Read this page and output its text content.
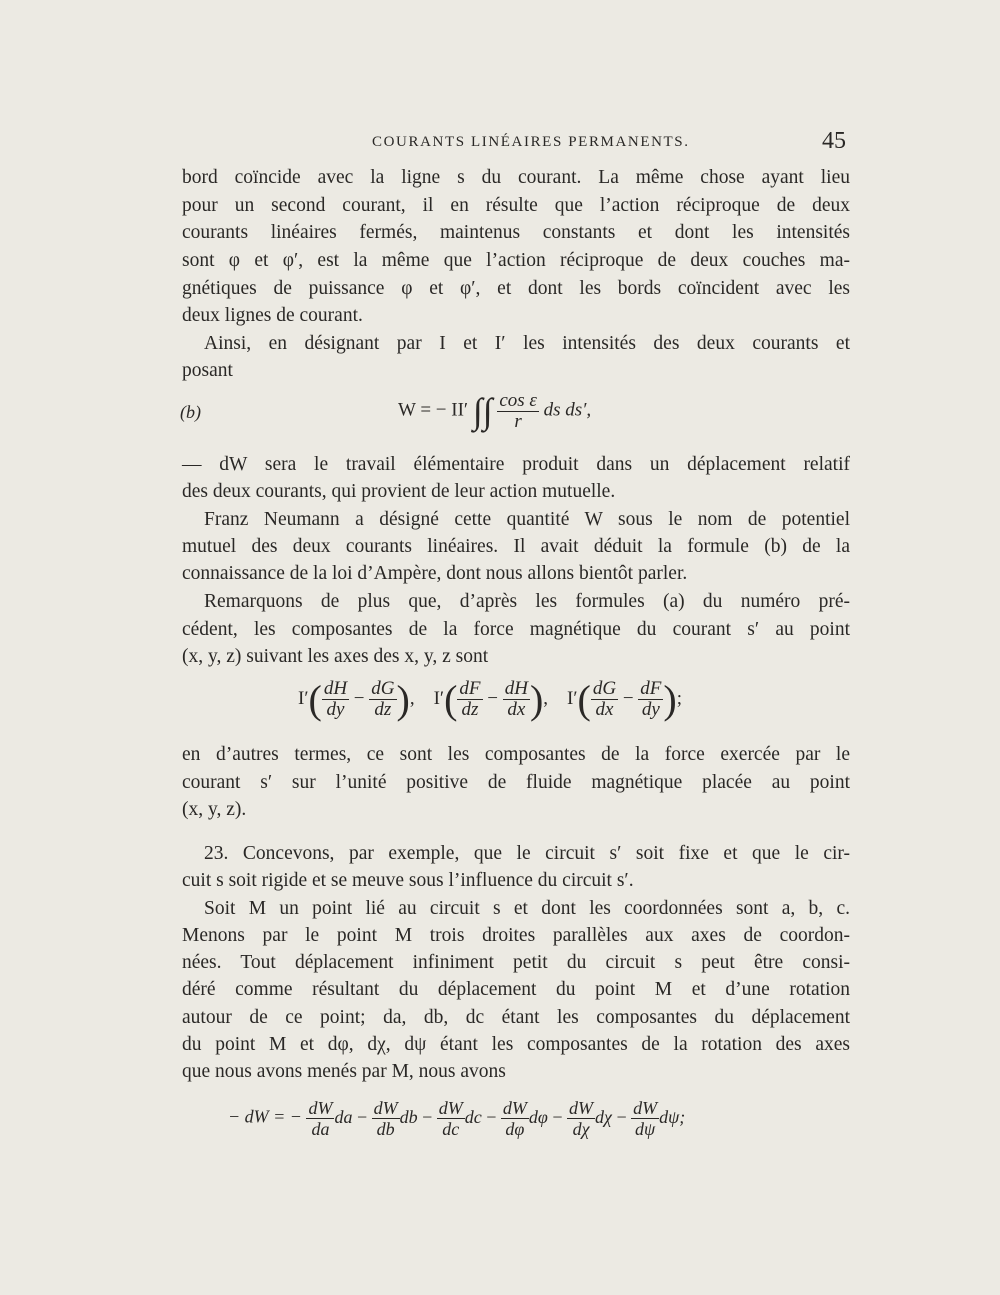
COURANTS LINÉAIRES PERMANENTS.	45
bord coïncide avec la ligne s du courant. La même chose ayant lieu
pour un second courant, il en résulte que l’action réciproque de deux
courants linéaires fermés, maintenus constants et dont les intensités
sont φ et φ′, est la même que l’action réciproque de deux couches ma-
gnétiques de puissance φ et φ′, et dont les bords coïncident avec les
deux lignes de courant.
Ainsi, en désignant par I et I′ les intensités des deux courants et
posant
(b)	W = − II′ ∫∫ $\frac{\text{cos ε}}{r}$ ds ds′,
— dW sera le travail élémentaire produit dans un déplacement relatif
des deux courants, qui provient de leur action mutuelle.
Franz Neumann a désigné cette quantité W sous le nom de potentiel
mutuel des deux courants linéaires. Il avait déduit la formule (b) de la
connaissance de la loi d’Ampère, dont nous allons bientôt parler.
Remarquons de plus que, d’après les formules (a) du numéro pré-
cédent, les composantes de la force magnétique du courant s′ au point
(x, y, z) suivant les axes des x, y, z sont
$I'( \frac{dH}{dy} - \frac{dG}{dz}$ ), $I'( \frac{dF}{dz} - \frac{dH}{dx}$ ), $I'( \frac{dG}{dx} - \frac{dF}{dy}$ );
en d’autres termes, ce sont les composantes de la force exercée par le
courant s′ sur l’unité positive de fluide magnétique placée au point
(x, y, z).
23. Concevons, par exemple, que le circuit s′ soit fixe et que le cir-
cuit s soit rigide et se meuve sous l’influence du circuit s′.
Soit M un point lié au circuit s et dont les coordonnées sont a, b, c.
Menons par le point M trois droites parallèles aux axes de coordon-
nées. Tout déplacement infiniment petit du circuit s peut être consi-
déré comme résultant du déplacement du point M et d’une rotation
autour de ce point; da, db, dc étant les composantes du déplacement
du point M et dφ, dχ, dψ étant les composantes de la rotation des axes
que nous avons menés par M, nous avons
− dW = − $\frac{dW}{da}$ da − $\frac{dW}{db}$ db − $\frac{dW}{dc}$ dc − $\frac{dW}{d\varphi}$ $d\varphi - \frac{dW}{d\chi}$ $d\chi - \frac{dW}{d\psi} d\psi$;
